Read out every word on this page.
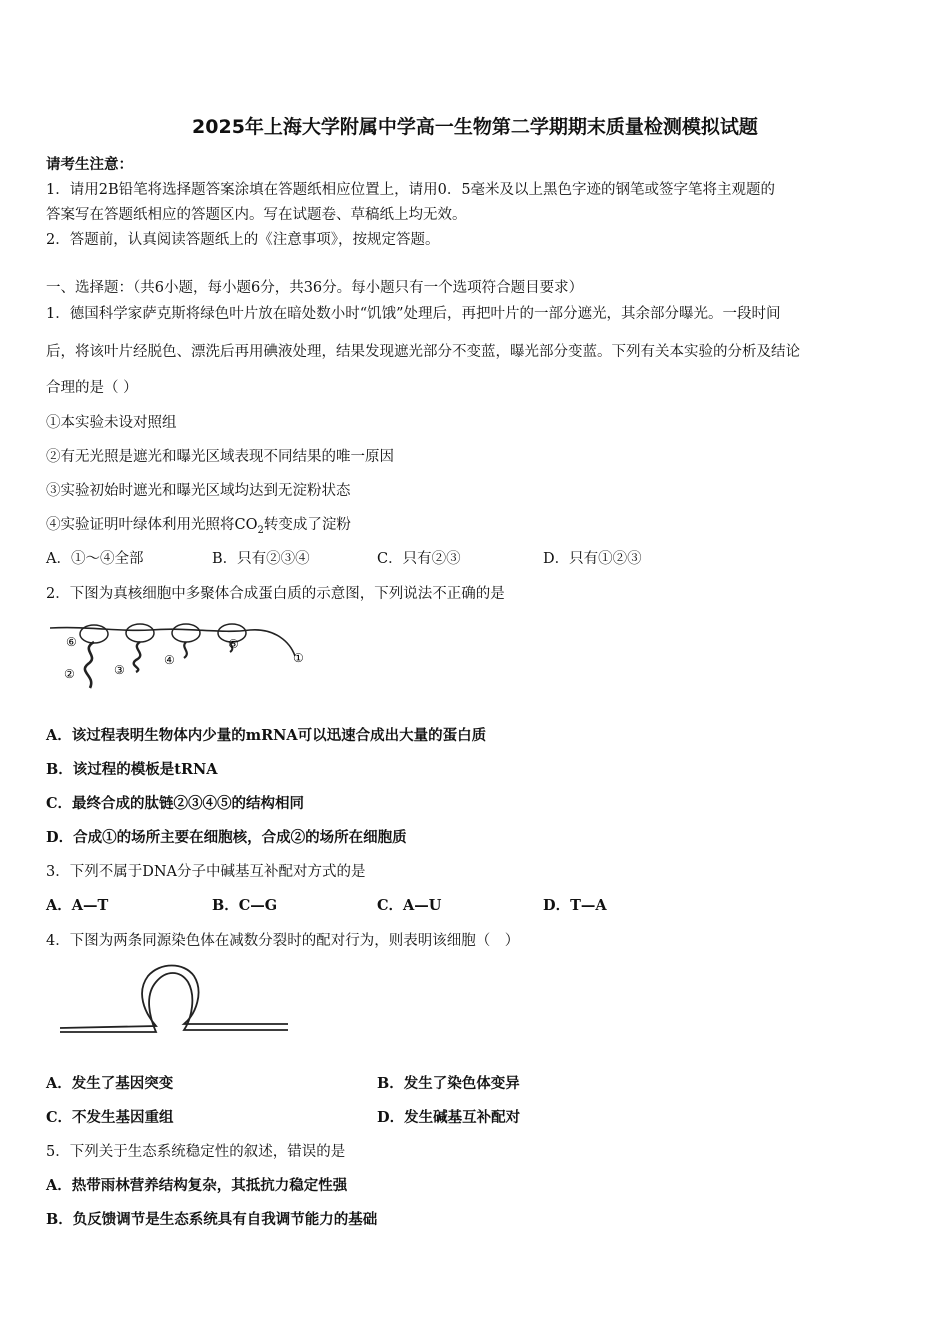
2025年上海大学附属中学高一生物第二学期期末质量检测模拟试题
请考生注意：
1．请用2B铅笔将选择题答案涂填在答题纸相应位置上，请用0．5毫米及以上黑色字迹的钢笔或签字笔将主观题的
答案写在答题纸相应的答题区内。写在试题卷、草稿纸上均无效。
2．答题前，认真阅读答题纸上的《注意事项》，按规定答题。
一、选择题：（共6小题，每小题6分，共36分。每小题只有一个选项符合题目要求）
1．德国科学家萨克斯将绿色叶片放在暗处数小时“饥饿”处理后，再把叶片的一部分遮光，其余部分曝光。一段时间
后，将该叶片经脱色、漂洗后再用碘液处理，结果发现遮光部分不变蓝，曝光部分变蓝。下列有关本实验的分析及结论
合理的是（ ）
①本实验未设对照组
②有无光照是遮光和曝光区域表现不同结果的唯一原因
③实验初始时遮光和曝光区域均达到无淀粉状态
④实验证明叶绿体利用光照将$CO_2$转变成了淀粉
A．①～④全部	B．只有②③④	C．只有②③	D．只有①②③
2．下图为真核细胞中多聚体合成蛋白质的示意图，下列说法不正确的是
①
②	③
④
⑤
⑥
A．该过程表明生物体内少量的mRNA可以迅速合成出大量的蛋白质
B．该过程的模板是tRNA
C．最终合成的肽链②③④⑤的结构相同
D．合成①的场所主要在细胞核，合成②的场所在细胞质
3．下列不属于DNA分子中碱基互补配对方式的是
A．A—T	B．C—G	C．A—U	D．T—A
4．下图为两条同源染色体在减数分裂时的配对行为，则表明该细胞（　）
A．发生了基因突变	B．发生了染色体变异
C．不发生基因重组	D．发生碱基互补配对
5．下列关于生态系统稳定性的叙述，错误的是
A．热带雨林营养结构复杂，其抵抗力稳定性强
B．负反馈调节是生态系统具有自我调节能力的基础
